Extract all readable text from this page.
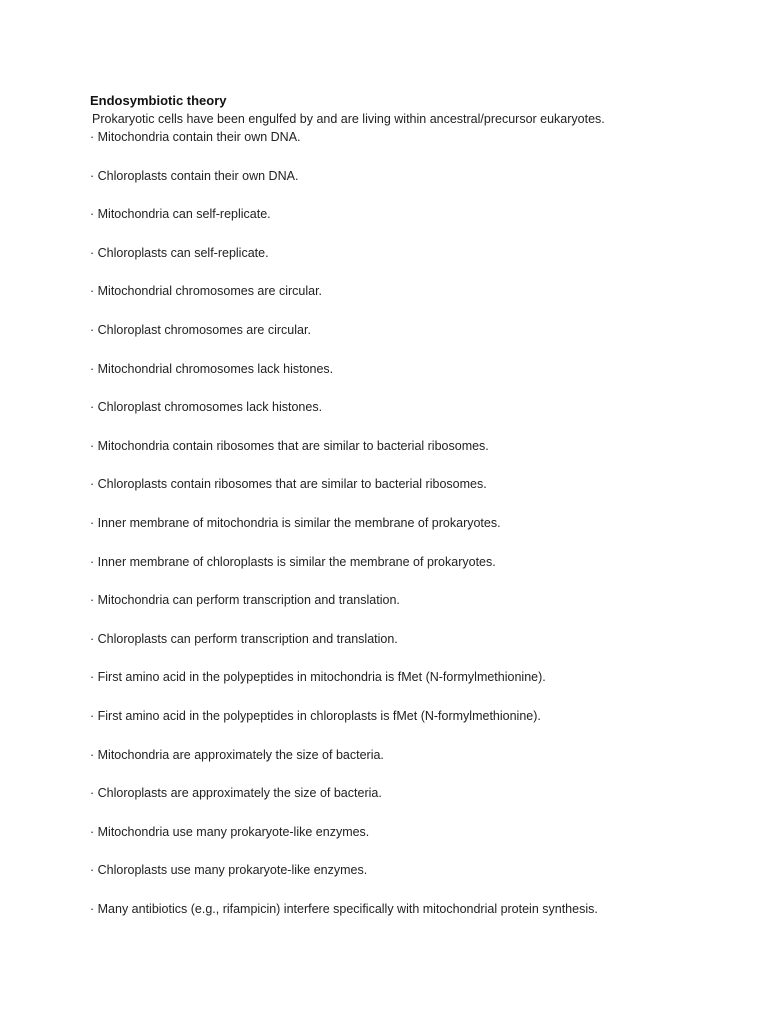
Endosymbiotic theory

Prokaryotic cells have been engulfed by and are living within ancestral/precursor eukaryotes.

· Mitochondria contain their own DNA.
· Chloroplasts contain their own DNA.
· Mitochondria can self-replicate.
· Chloroplasts can self-replicate.
· Mitochondrial chromosomes are circular.
· Chloroplast chromosomes are circular.
· Mitochondrial chromosomes lack histones.
· Chloroplast chromosomes lack histones.
· Mitochondria contain ribosomes that are similar to bacterial ribosomes.
· Chloroplasts contain ribosomes that are similar to bacterial ribosomes.
· Inner membrane of mitochondria is similar the membrane of prokaryotes.
· Inner membrane of chloroplasts is similar the membrane of prokaryotes.
· Mitochondria can perform transcription and translation.
· Chloroplasts can perform transcription and translation.
· First amino acid in the polypeptides in mitochondria is fMet (N-formylmethionine).
· First amino acid in the polypeptides in chloroplasts is fMet (N-formylmethionine).
· Mitochondria are approximately the size of bacteria.
· Chloroplasts are approximately the size of bacteria.
· Mitochondria use many prokaryote-like enzymes.
· Chloroplasts use many prokaryote-like enzymes.
· Many antibiotics (e.g., rifampicin) interfere specifically with mitochondrial protein synthesis.
